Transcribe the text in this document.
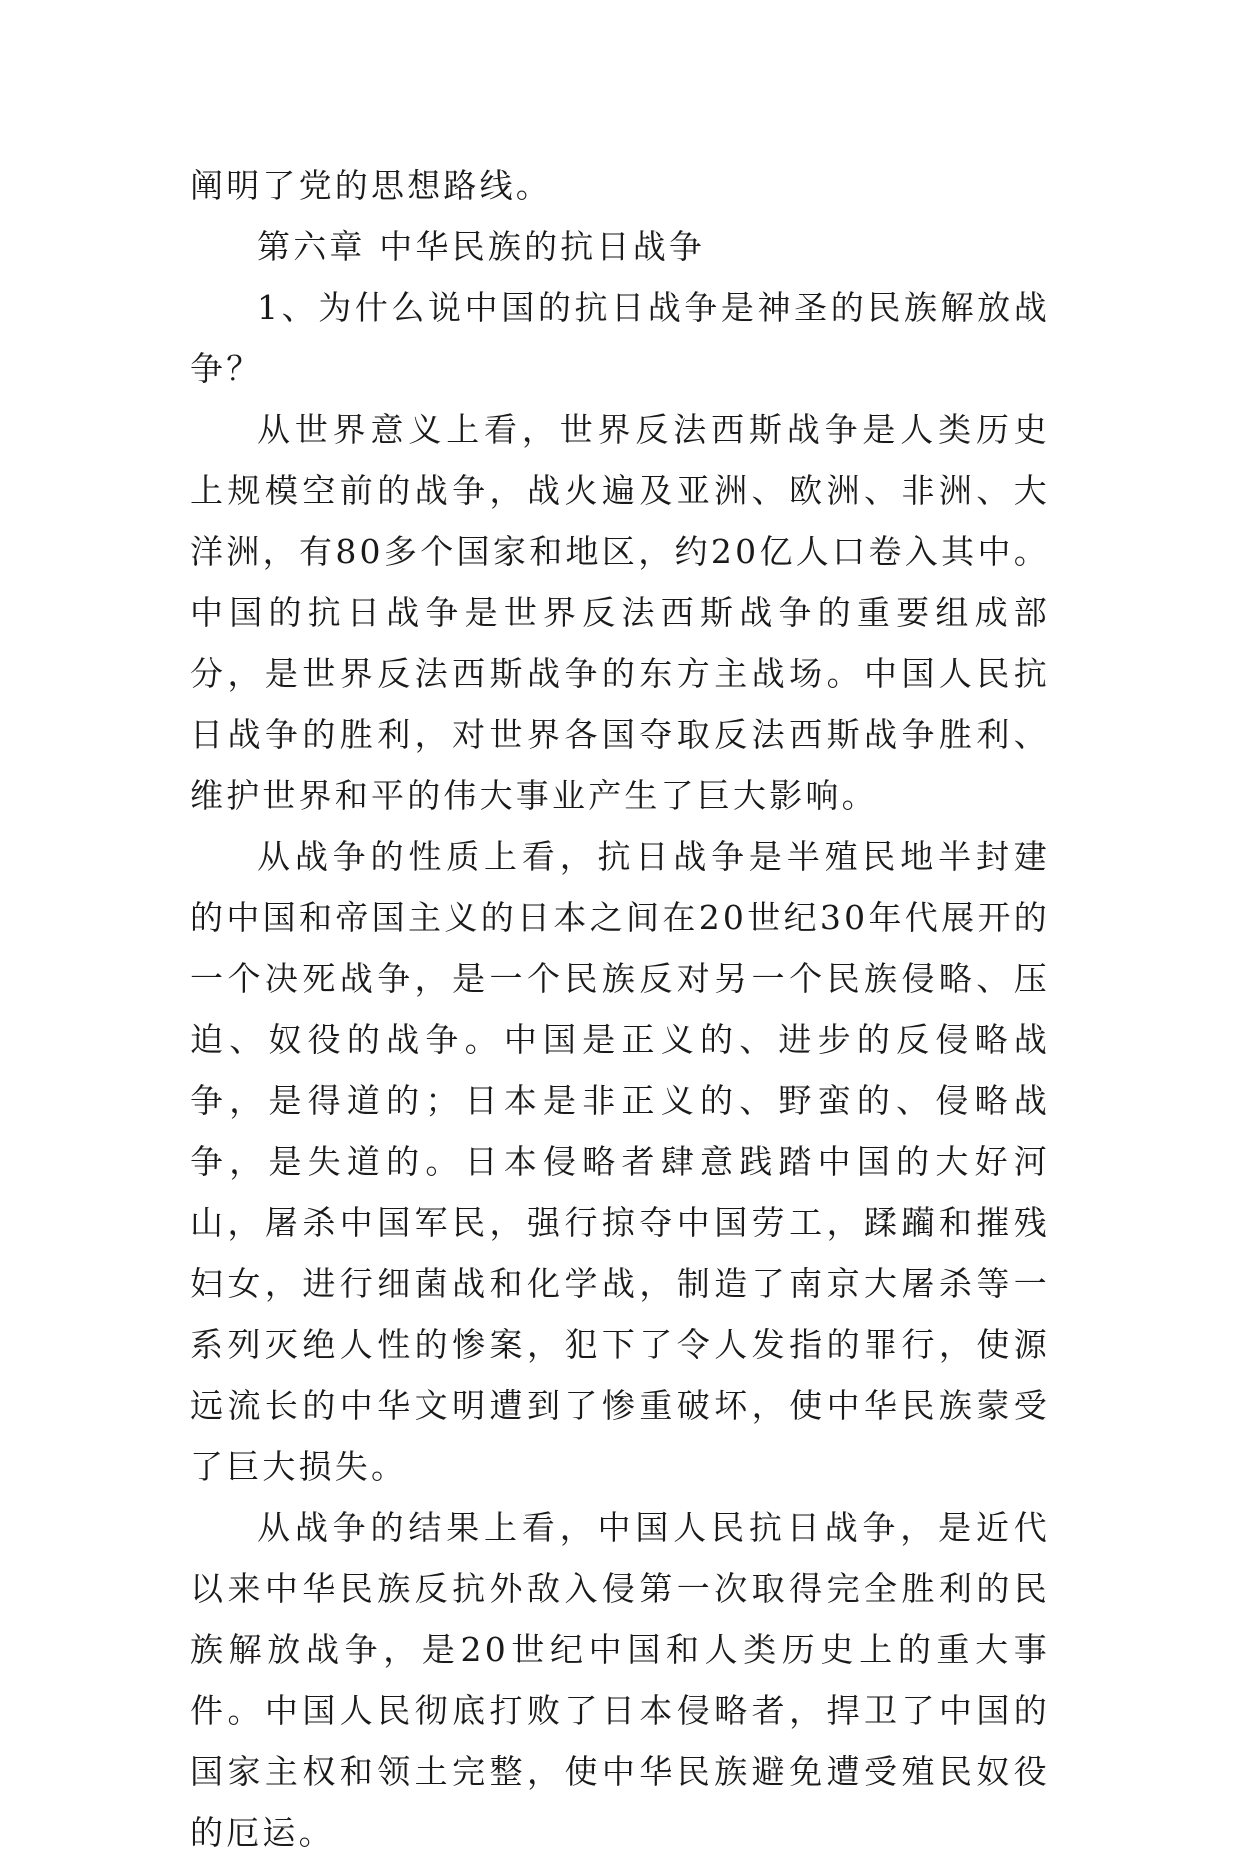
阐明了党的思想路线。

第六章 中华民族的抗日战争

1、为什么说中国的抗日战争是神圣的民族解放战争？

从世界意义上看，世界反法西斯战争是人类历史上规模空前的战争，战火遍及亚洲、欧洲、非洲、大洋洲，有80多个国家和地区，约20亿人口卷入其中。中国的抗日战争是世界反法西斯战争的重要组成部分，是世界反法西斯战争的东方主战场。中国人民抗日战争的胜利，对世界各国夺取反法西斯战争胜利、维护世界和平的伟大事业产生了巨大影响。

从战争的性质上看，抗日战争是半殖民地半封建的中国和帝国主义的日本之间在20世纪30年代展开的一个决死战争，是一个民族反对另一个民族侵略、压迫、奴役的战争。中国是正义的、进步的反侵略战争，是得道的；日本是非正义的、野蛮的、侵略战争，是失道的。日本侵略者肆意践踏中国的大好河山，屠杀中国军民，强行掠夺中国劳工，蹂躏和摧残妇女，进行细菌战和化学战，制造了南京大屠杀等一系列灭绝人性的惨案，犯下了令人发指的罪行，使源远流长的中华文明遭到了惨重破坏，使中华民族蒙受了巨大损失。

从战争的结果上看，中国人民抗日战争，是近代以来中华民族反抗外敌入侵第一次取得完全胜利的民族解放战争，是20世纪中国和人类历史上的重大事件。中国人民彻底打败了日本侵略者，捍卫了中国的国家主权和领土完整，使中华民族避免遭受殖民奴役的厄运。
